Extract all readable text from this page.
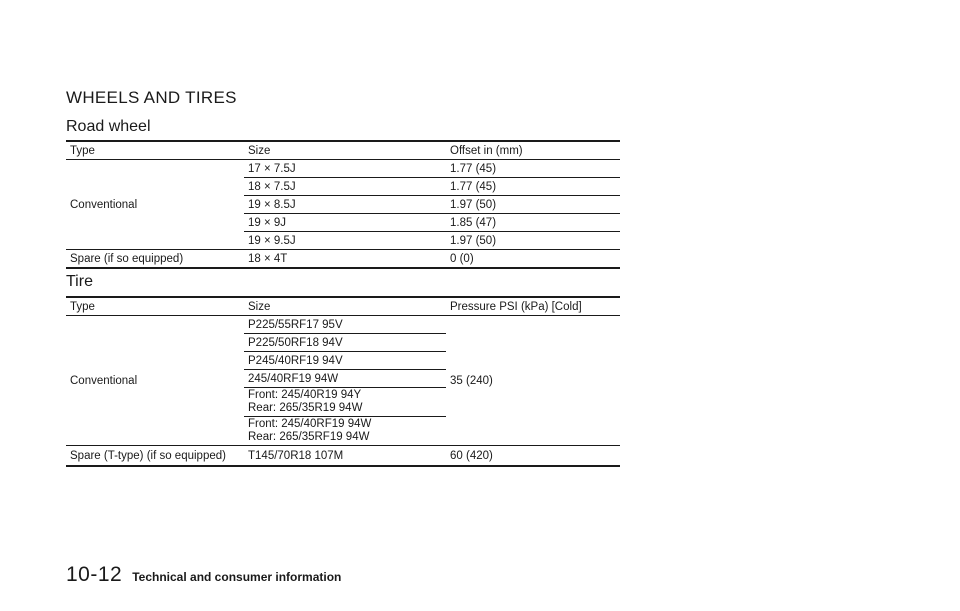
WHEELS AND TIRES
Road wheel
Type	Size	Offset in (mm)
Conventional	17 × 7.5J	1.77 (45)
	18 × 7.5J	1.77 (45)
	19 × 8.5J	1.97 (50)
	19 × 9J	1.85 (47)
	19 × 9.5J	1.97 (50)
Spare (if so equipped)	18 × 4T	0 (0)
Tire
Type	Size	Pressure PSI (kPa) [Cold]
Conventional	P225/55RF17 95V	35 (240)
	P225/50RF18 94V	
	P245/40RF19 94V	
	245/40RF19 94W	

	Front: 245/40R19 94Y
Rear: 265/35R19 94W	

	Front: 245/40RF19 94W
Rear: 265/35RF19 94W	

Spare (T-type) (if so equipped)	T145/70R18 107M	60 (420)
10-12 Technical and consumer information
